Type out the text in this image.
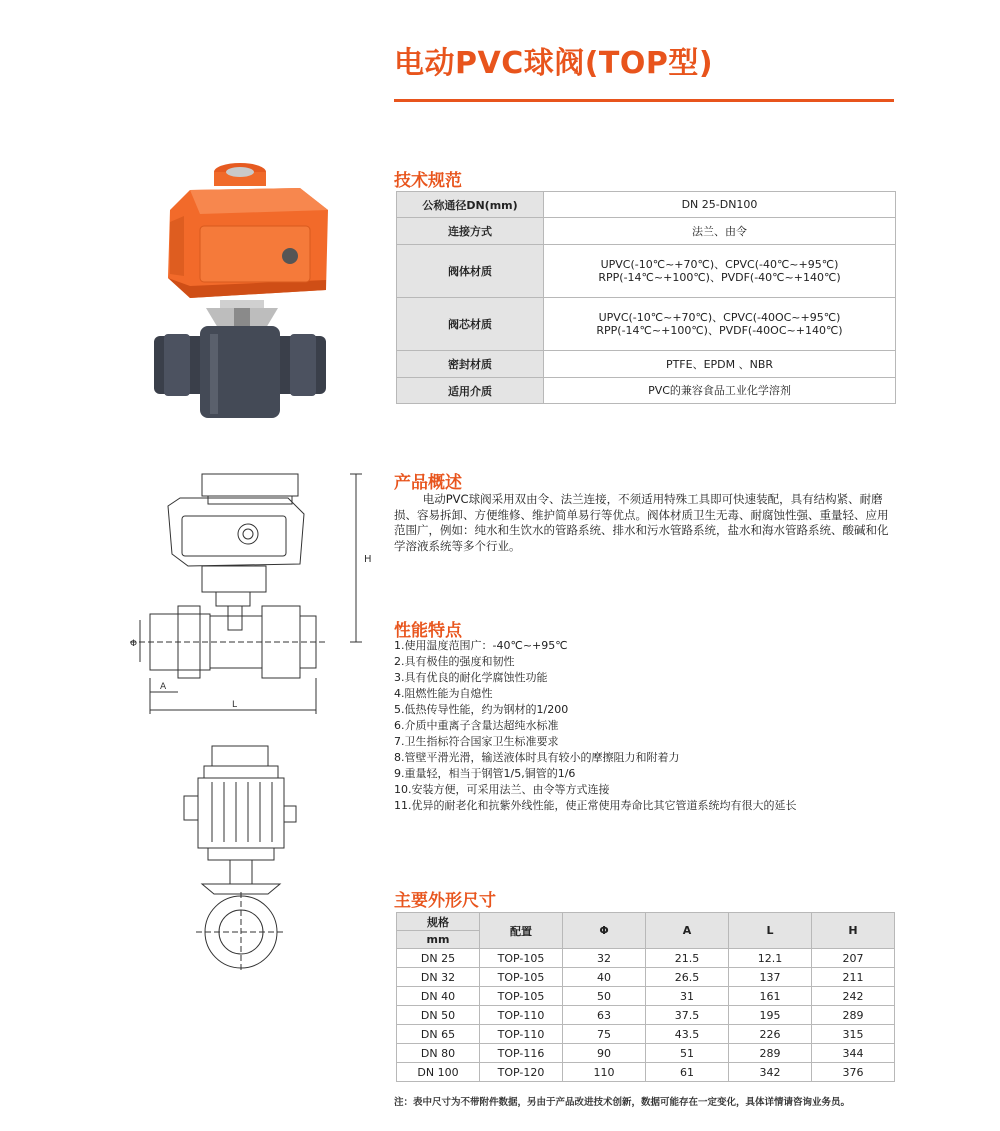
电动PVC球阀(TOP型)
H
Φ
A
L
技术规范
公称通径DN(mm)	DN 25-DN100
连接方式	法兰、由令
阀体材质	UPVC(-10℃~+70℃)、CPVC(-40℃~+95℃)
RPP(-14℃~+100℃)、PVDF(-40℃~+140℃)

阀芯材质	UPVC(-10℃~+70℃)、CPVC(-40OC~+95℃)
RPP(-14℃~+100℃)、PVDF(-40OC~+140℃)

密封材质	PTFE、EPDM 、NBR
适用介质	PVC的兼容食品工业化学溶剂
产品概述
电动PVC球阀采用双由令、法兰连接，不须适用特殊工具即可快速装配，具有结构紧、耐磨损、容易拆卸、方便维修、维护简单易行等优点。阀体材质卫生无毒、耐腐蚀性强、重量轻、应用范围广，例如：纯水和生饮水的管路系统、排水和污水管路系统，盐水和海水管路系统、酸碱和化学溶液系统等多个行业。
性能特点
1.使用温度范围广：-40℃~+95℃
2.具有极佳的强度和韧性
3.具有优良的耐化学腐蚀性功能
4.阻燃性能为自熄性
5.低热传导性能，约为钢材的1/200
6.介质中重离子含量达超纯水标准
7.卫生指标符合国家卫生标准要求
8.管壁平滑光滑，输送液体时具有较小的摩擦阻力和附着力
9.重量轻，相当于钢管1/5,铜管的1/6
10.安装方便，可采用法兰、由令等方式连接
11.优异的耐老化和抗紫外线性能，使正常使用寿命比其它管道系统均有很大的延长
主要外形尺寸
规格	配置	Φ	A	L	H
mm					
DN 25	TOP-105	32	21.5	12.1	207
DN 32	TOP-105	40	26.5	137	211
DN 40	TOP-105	50	31	161	242
DN 50	TOP-110	63	37.5	195	289
DN 65	TOP-110	75	43.5	226	315
DN 80	TOP-116	90	51	289	344
DN 100	TOP-120	110	61	342	376
注：表中尺寸为不带附件数据，另由于产品改进技术创新，数据可能存在一定变化，具体详情请咨询业务员。
